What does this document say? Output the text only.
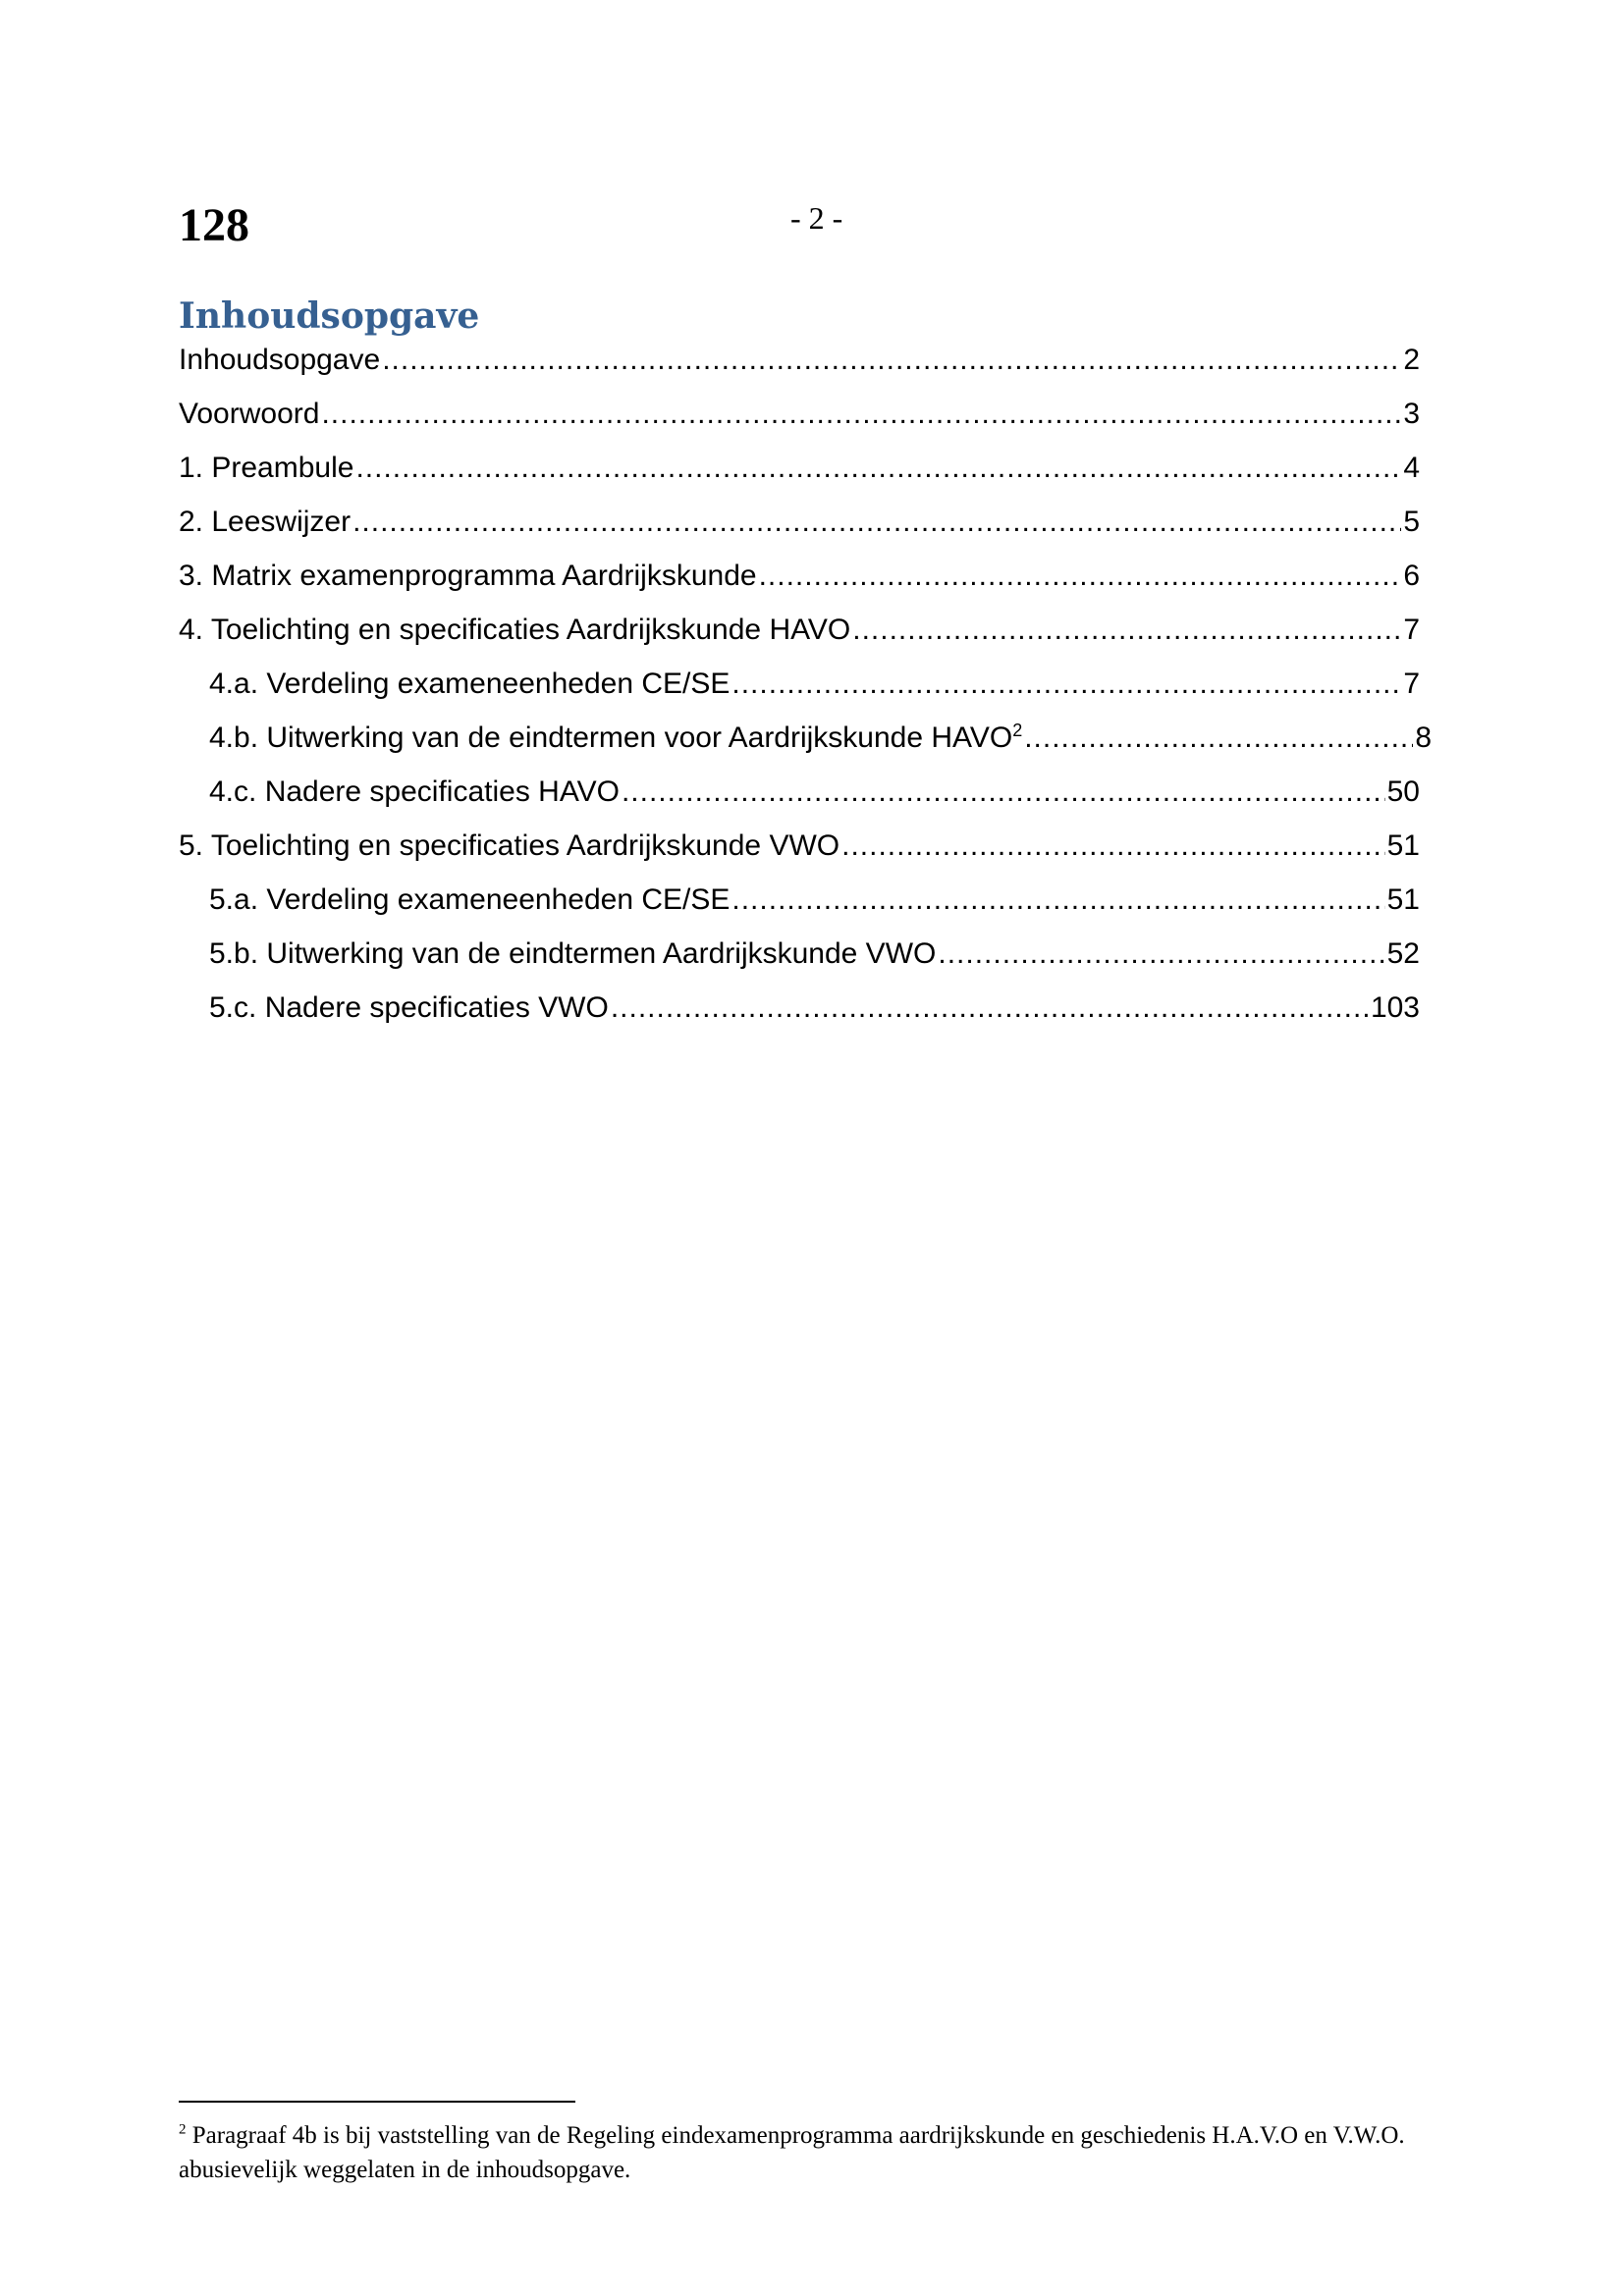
128	- 2 -
Inhoudsopgave
Inhoudsopgave .....	2
Voorwoord .....	3
1. Preambule .....	4
2. Leeswijzer .....	5
3. Matrix examenprogramma Aardrijkskunde .....	6
4. Toelichting en specificaties Aardrijkskunde HAVO .....	7
4.a. Verdeling exameneenheden CE/SE .....	7
4.b. Uitwerking van de eindtermen voor Aardrijkskunde HAVO$^2$ .....	8
4.c. Nadere specificaties HAVO .....	50
5. Toelichting en specificaties Aardrijkskunde VWO .....	51
5.a. Verdeling exameneenheden CE/SE .....	51
5.b. Uitwerking van de eindtermen Aardrijkskunde VWO .....	52
5.c. Nadere specificaties VWO .....	103
$^2$ Paragraaf 4b is bij vaststelling van de Regeling eindexamenprogramma aardrijkskunde en geschiedenis H.A.V.O en V.W.O. abusievelijk weggelaten in de inhoudsopgave.
